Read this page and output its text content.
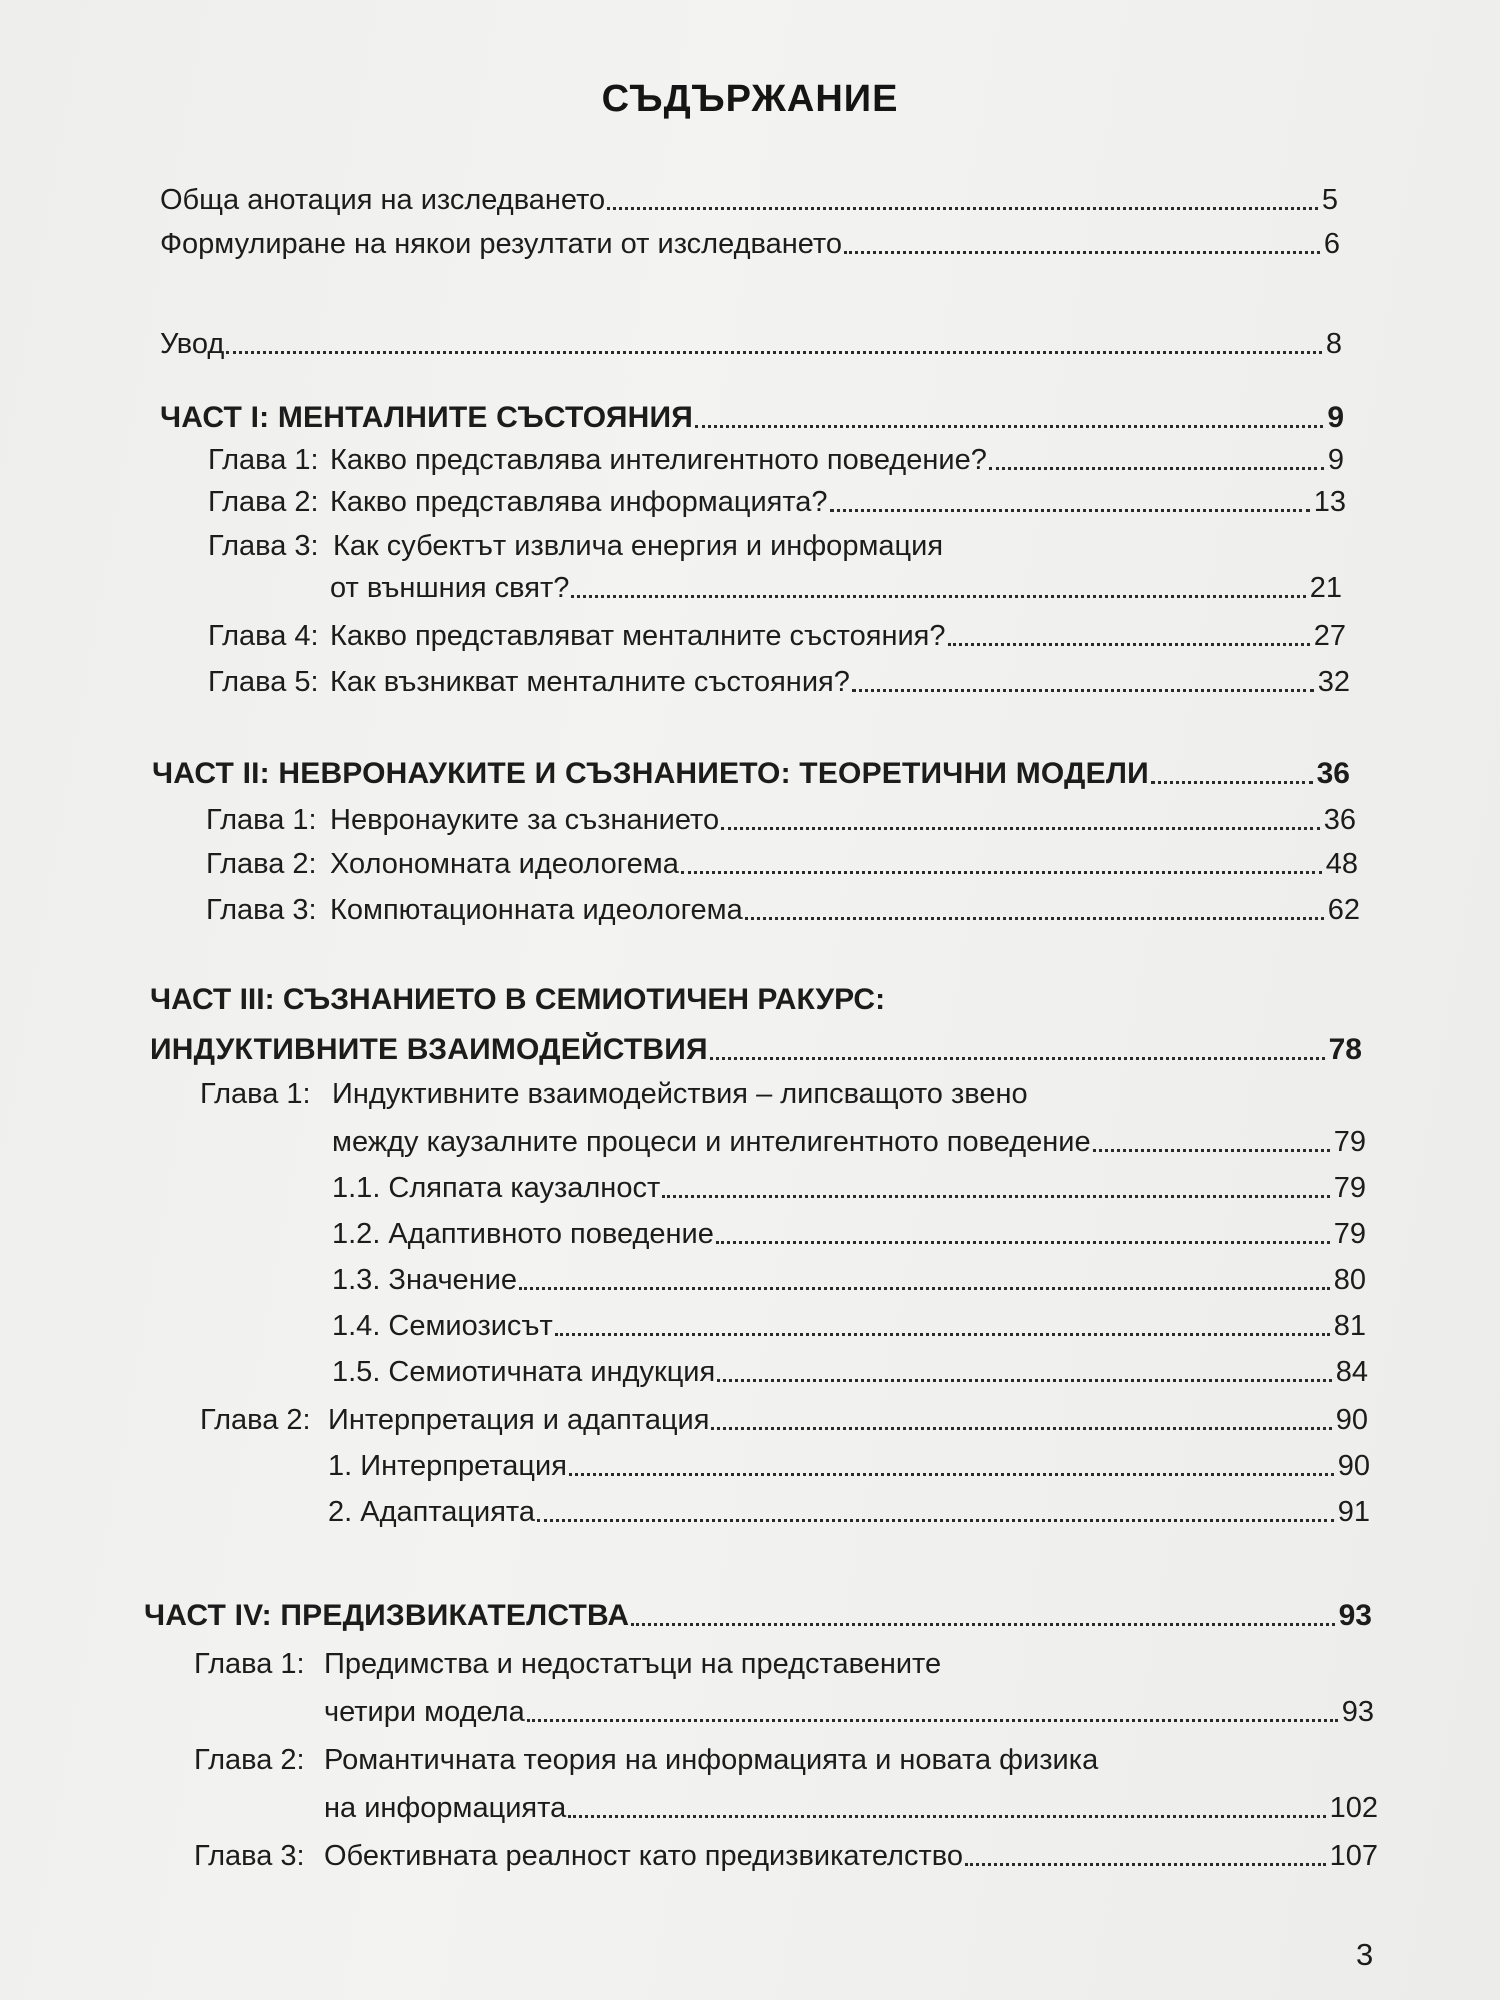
СЪДЪРЖАНИЕ
Обща анотация на изследването	5
Формулиране на някои резултати от изследването	6
Увод	8
ЧАСТ I: МЕНТАЛНИТЕ СЪСТОЯНИЯ	9
Глава 1: Какво представлява интелигентното поведение?	9
Глава 2: Какво представлява информацията?	13
Глава 3: Как субектът извлича енергия и информация
от външния свят?	21
Глава 4: Какво представляват менталните състояния?	27
Глава 5: Как възникват менталните състояния?	32
ЧАСТ II: НЕВРОНАУКИТЕ И СЪЗНАНИЕТО: ТЕОРЕТИЧНИ МОДЕЛИ	36
Глава 1: Невронауките за съзнанието	36
Глава 2: Холономната идеологема	48
Глава 3: Компютационната идеологема	62
ЧАСТ III: СЪЗНАНИЕТО В СЕМИОТИЧЕН РАКУРС:
ИНДУКТИВНИТЕ ВЗАИМОДЕЙСТВИЯ	78
Глава 1: Индуктивните взаимодействия – липсващото звено
между каузалните процеси и интелигентното поведение	79
1.1. Сляпата каузалност	79
1.2. Адаптивното поведение	79
1.3. Значение	80
1.4. Семиозисът	81
1.5. Семиотичната индукция	84
Глава 2: Интерпретация и адаптация	90
1. Интерпретация	90
2. Адаптацията	91
ЧАСТ IV: ПРЕДИЗВИКАТЕЛСТВА	93
Глава 1: Предимства и недостатъци на представените
четири модела	93
Глава 2: Романтичната теория на информацията и новата физика
на информацията	102
Глава 3: Обективната реалност като предизвикателство	107
3
